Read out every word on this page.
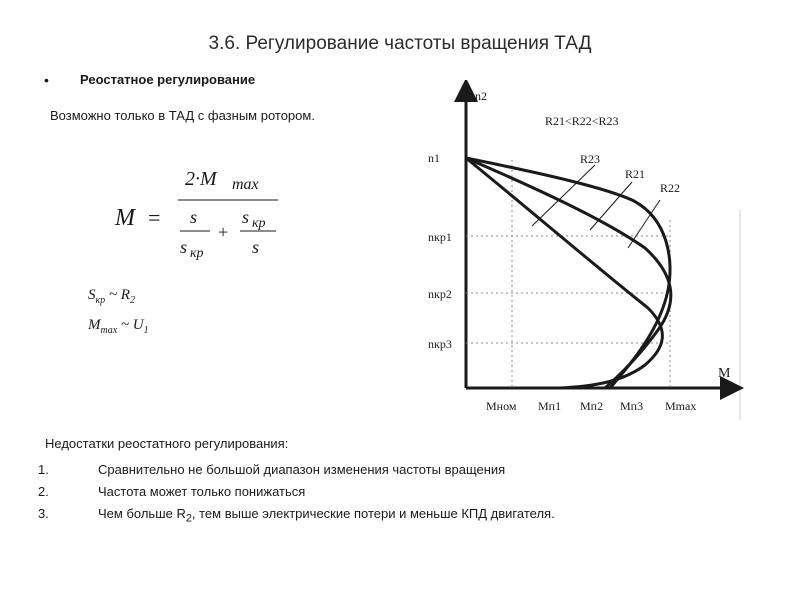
3.6. Регулирование частоты вращения ТАД
• Реостатное регулирование
Возможно только в ТАД с фазным ротором.
M =
2·M max
s
s кр
+
s кр
s
$S_{кр}$ ~ $R_2$
$M_{max}$ ~ $U_1$
n2
M
R21<R22<R23
R23
R21
R22
n1
nкр1
nкр2
nкр3
Mном Mп1 Mп2 Mп3 Mmax
Недостатки реостатного регулирования:
1.	Сравнительно не большой диапазон изменения частоты вращения
2.	Частота может только понижаться
3.	Чем больше $R_2$, тем выше электрические потери и меньше КПД двигателя.
